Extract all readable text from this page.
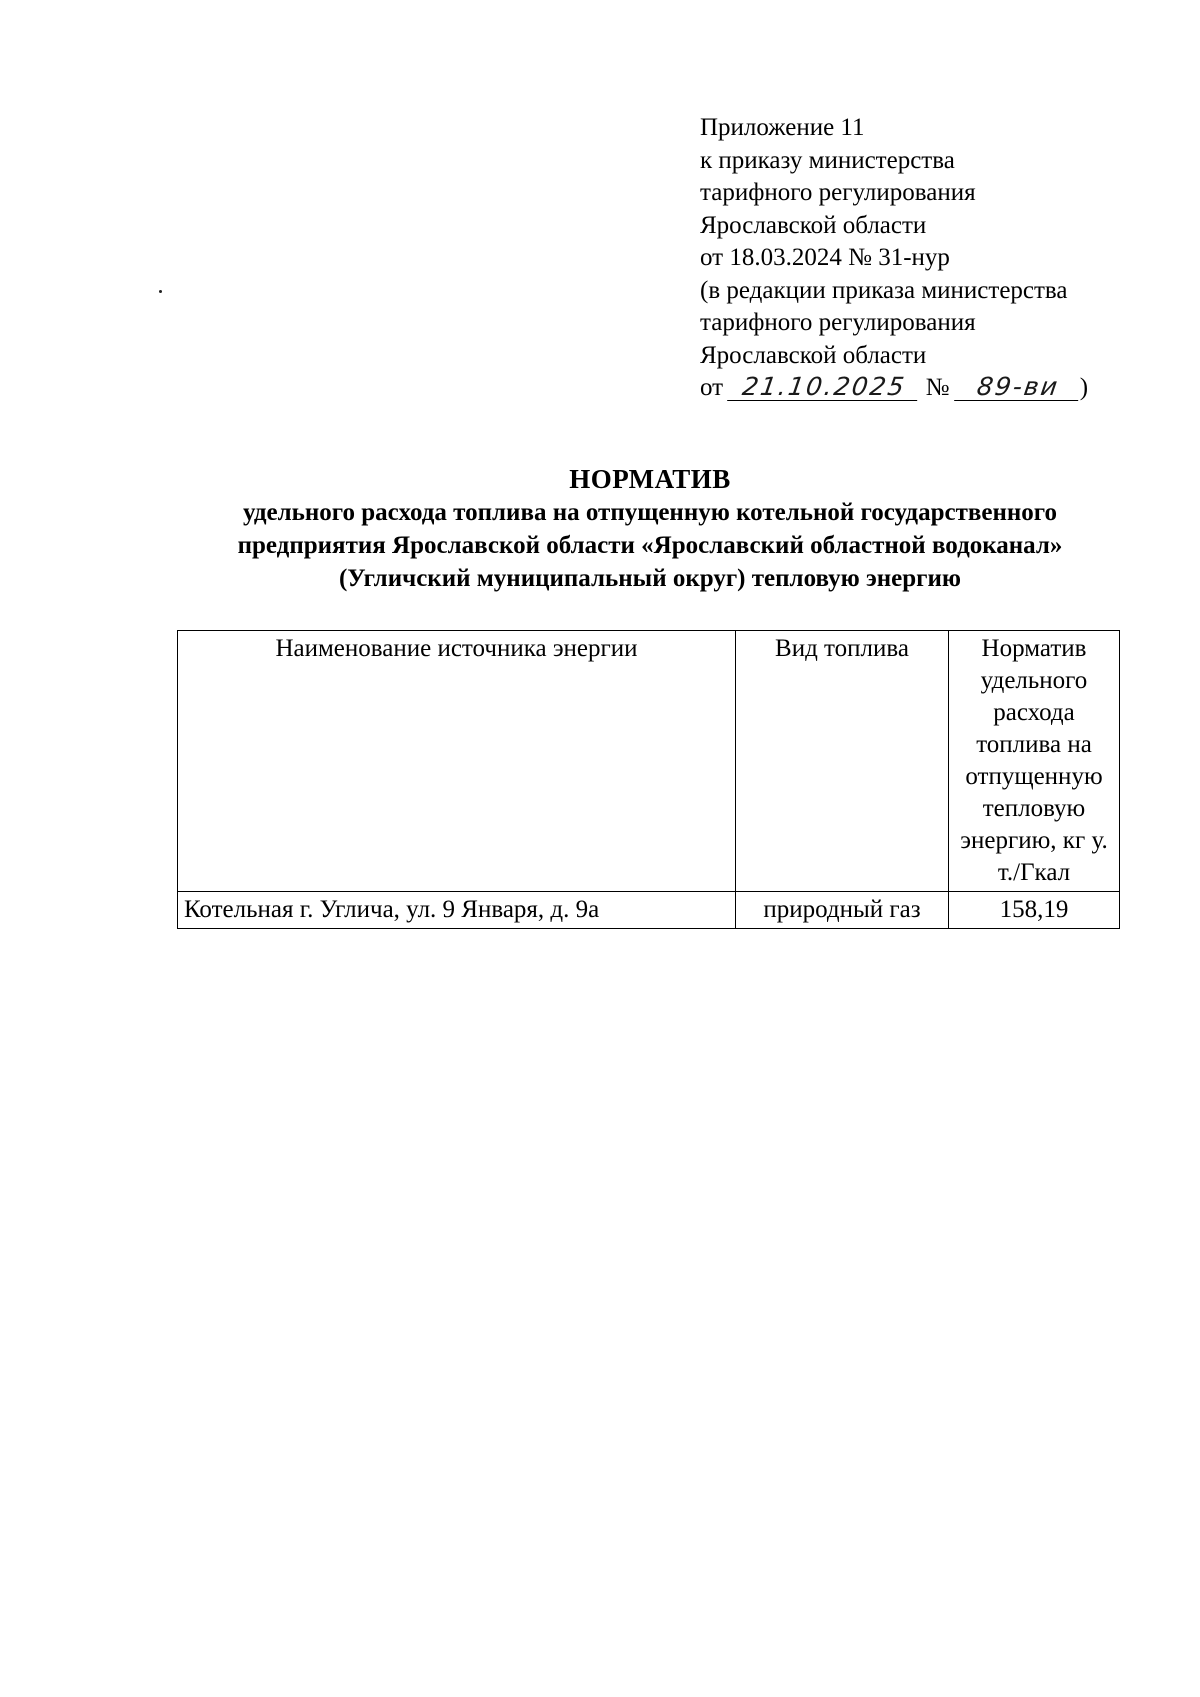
Приложение 11
к приказу министерства
тарифного регулирования
Ярославской области
от 18.03.2024 № 31-нур
(в редакции приказа министерства
тарифного регулирования
Ярославской области
от 21.10.2025 № 89-ви )
НОРМАТИВ
удельного расхода топлива на отпущенную котельной государственного
предприятия Ярославской области «Ярославский областной водоканал»
(Угличский муниципальный округ) тепловую энергию
Наименование источника энергии	Вид топлива	Норматив удельного расхода топлива на отпущенную тепловую энергию, кг у. т./Гкал
Котельная г. Углича, ул. 9 Января, д. 9а	природный газ	158,19
